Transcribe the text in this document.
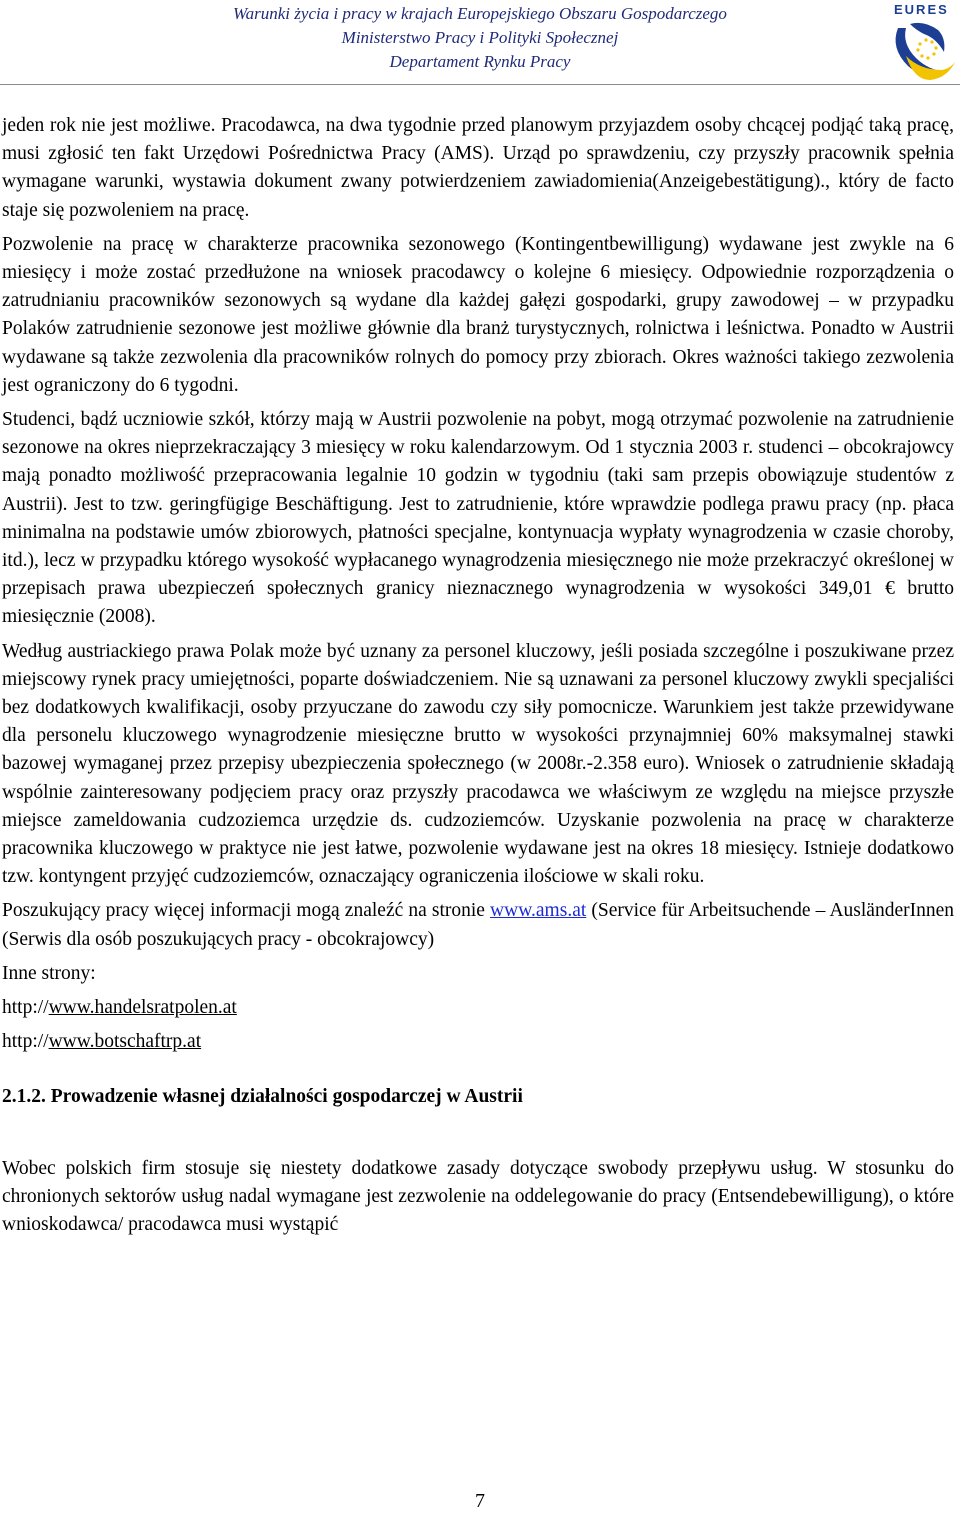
Warunki życia i pracy w krajach Europejskiego Obszaru Gospodarczego
Ministerstwo Pracy i Polityki Społecznej
Departament Rynku Pracy
EURES

jeden rok nie jest możliwe. Pracodawca, na dwa tygodnie przed planowym przyjazdem osoby chcącej podjąć taką pracę, musi zgłosić ten fakt Urzędowi Pośrednictwa Pracy (AMS). Urząd po sprawdzeniu, czy przyszły pracownik spełnia wymagane warunki, wystawia dokument zwany potwierdzeniem zawiadomienia(Anzeigebestätigung)., który de facto staje się pozwoleniem na pracę.

Pozwolenie na pracę w charakterze pracownika sezonowego (Kontingentbewilligung) wydawane jest zwykle na 6 miesięcy i może zostać przedłużone na wniosek pracodawcy o kolejne 6 miesięcy. Odpowiednie rozporządzenia o zatrudnianiu pracowników sezonowych są wydane dla każdej gałęzi gospodarki, grupy zawodowej – w przypadku Polaków zatrudnienie sezonowe jest możliwe głównie dla branż turystycznych, rolnictwa i leśnictwa. Ponadto w Austrii wydawane są także zezwolenia dla pracowników rolnych do pomocy przy zbiorach. Okres ważności takiego zezwolenia jest ograniczony do 6 tygodni.

Studenci, bądź uczniowie szkół, którzy mają w Austrii pozwolenie na pobyt, mogą otrzymać pozwolenie na zatrudnienie sezonowe na okres nieprzekraczający 3 miesięcy w roku kalendarzowym. Od 1 stycznia 2003 r. studenci – obcokrajowcy mają ponadto możliwość przepracowania legalnie 10 godzin w tygodniu (taki sam przepis obowiązuje studentów z Austrii). Jest to tzw. geringfügige Beschäftigung. Jest to zatrudnienie, które wprawdzie podlega prawu pracy (np. płaca minimalna na podstawie umów zbiorowych, płatności specjalne, kontynuacja wypłaty wynagrodzenia w czasie choroby, itd.), lecz w przypadku którego wysokość wypłacanego wynagrodzenia miesięcznego nie może przekraczyć określonej w przepisach prawa ubezpieczeń społecznych granicy nieznacznego wynagrodzenia w wysokości 349,01 € brutto miesięcznie (2008).

Według austriackiego prawa Polak może być uznany za personel kluczowy, jeśli posiada szczególne i poszukiwane przez miejscowy rynek pracy umiejętności, poparte doświadczeniem. Nie są uznawani za personel kluczowy zwykli specjaliści bez dodatkowych kwalifikacji, osoby przyuczane do zawodu czy siły pomocnicze. Warunkiem jest także przewidywane dla personelu kluczowego wynagrodzenie miesięczne brutto w wysokości przynajmniej 60% maksymalnej stawki bazowej wymaganej przez przepisy ubezpieczenia społecznego (w 2008r.-2.358 euro). Wniosek o zatrudnienie składają wspólnie zainteresowany podjęciem pracy oraz przyszły pracodawca we właściwym ze względu na miejsce przyszłe miejsce zameldowania cudzoziemca urzędzie ds. cudzoziemców. Uzyskanie pozwolenia na pracę w charakterze pracownika kluczowego w praktyce nie jest łatwe, pozwolenie wydawane jest na okres 18 miesięcy. Istnieje dodatkowo tzw. kontyngent przyjęć cudzoziemców, oznaczający ograniczenia ilościowe w skali roku.

Poszukujący pracy więcej informacji mogą znaleźć na stronie www.ams.at (Service für Arbeitsuchende – AusländerInnen (Serwis dla osób poszukujących pracy - obcokrajowcy)

Inne strony:

http://www.handelsratpolen.at

http://www.botschaftrp.at

2.1.2. Prowadzenie własnej działalności gospodarczej w Austrii

Wobec polskich firm stosuje się niestety dodatkowe zasady dotyczące swobody przepływu usług. W stosunku do chronionych sektorów usług nadal wymagane jest zezwolenie na oddelegowanie do pracy (Entsendebewilligung), o które wnioskodawca/ pracodawca musi wystąpić

7
